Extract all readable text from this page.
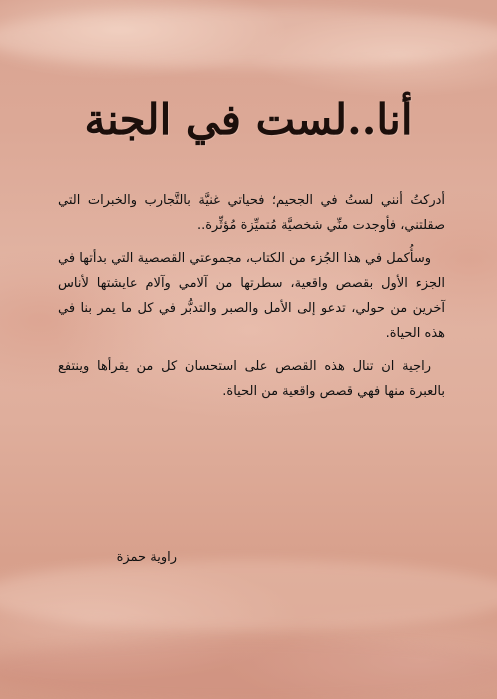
أنا..لست في الجنة

أدركتُ أنني لستُ في الجحيم؛ فحياتي غنيَّة بالتَّجارب والخبرات التي صقلتني، فأوجدت منِّي شخصيَّة مُتميِّزة مُؤثِّرة..

وسأُكمل في هذا الجُزء من الكتاب، مجموعتي القصصية التي بدأتها في الجزء الأول بقصص واقعية، سطرتها من آلامي وآلام عايشتها لأناس آخرين من حولي، تدعو إلى الأمل والصبر والتدبُّر في كل ما يمر بنا في هذه الحياة.

راجية ان تنال هذه القصص على استحسان كل من يقرأها وينتفع بالعبرة منها فهي قصص واقعية من الحياة.

راوية حمزة
